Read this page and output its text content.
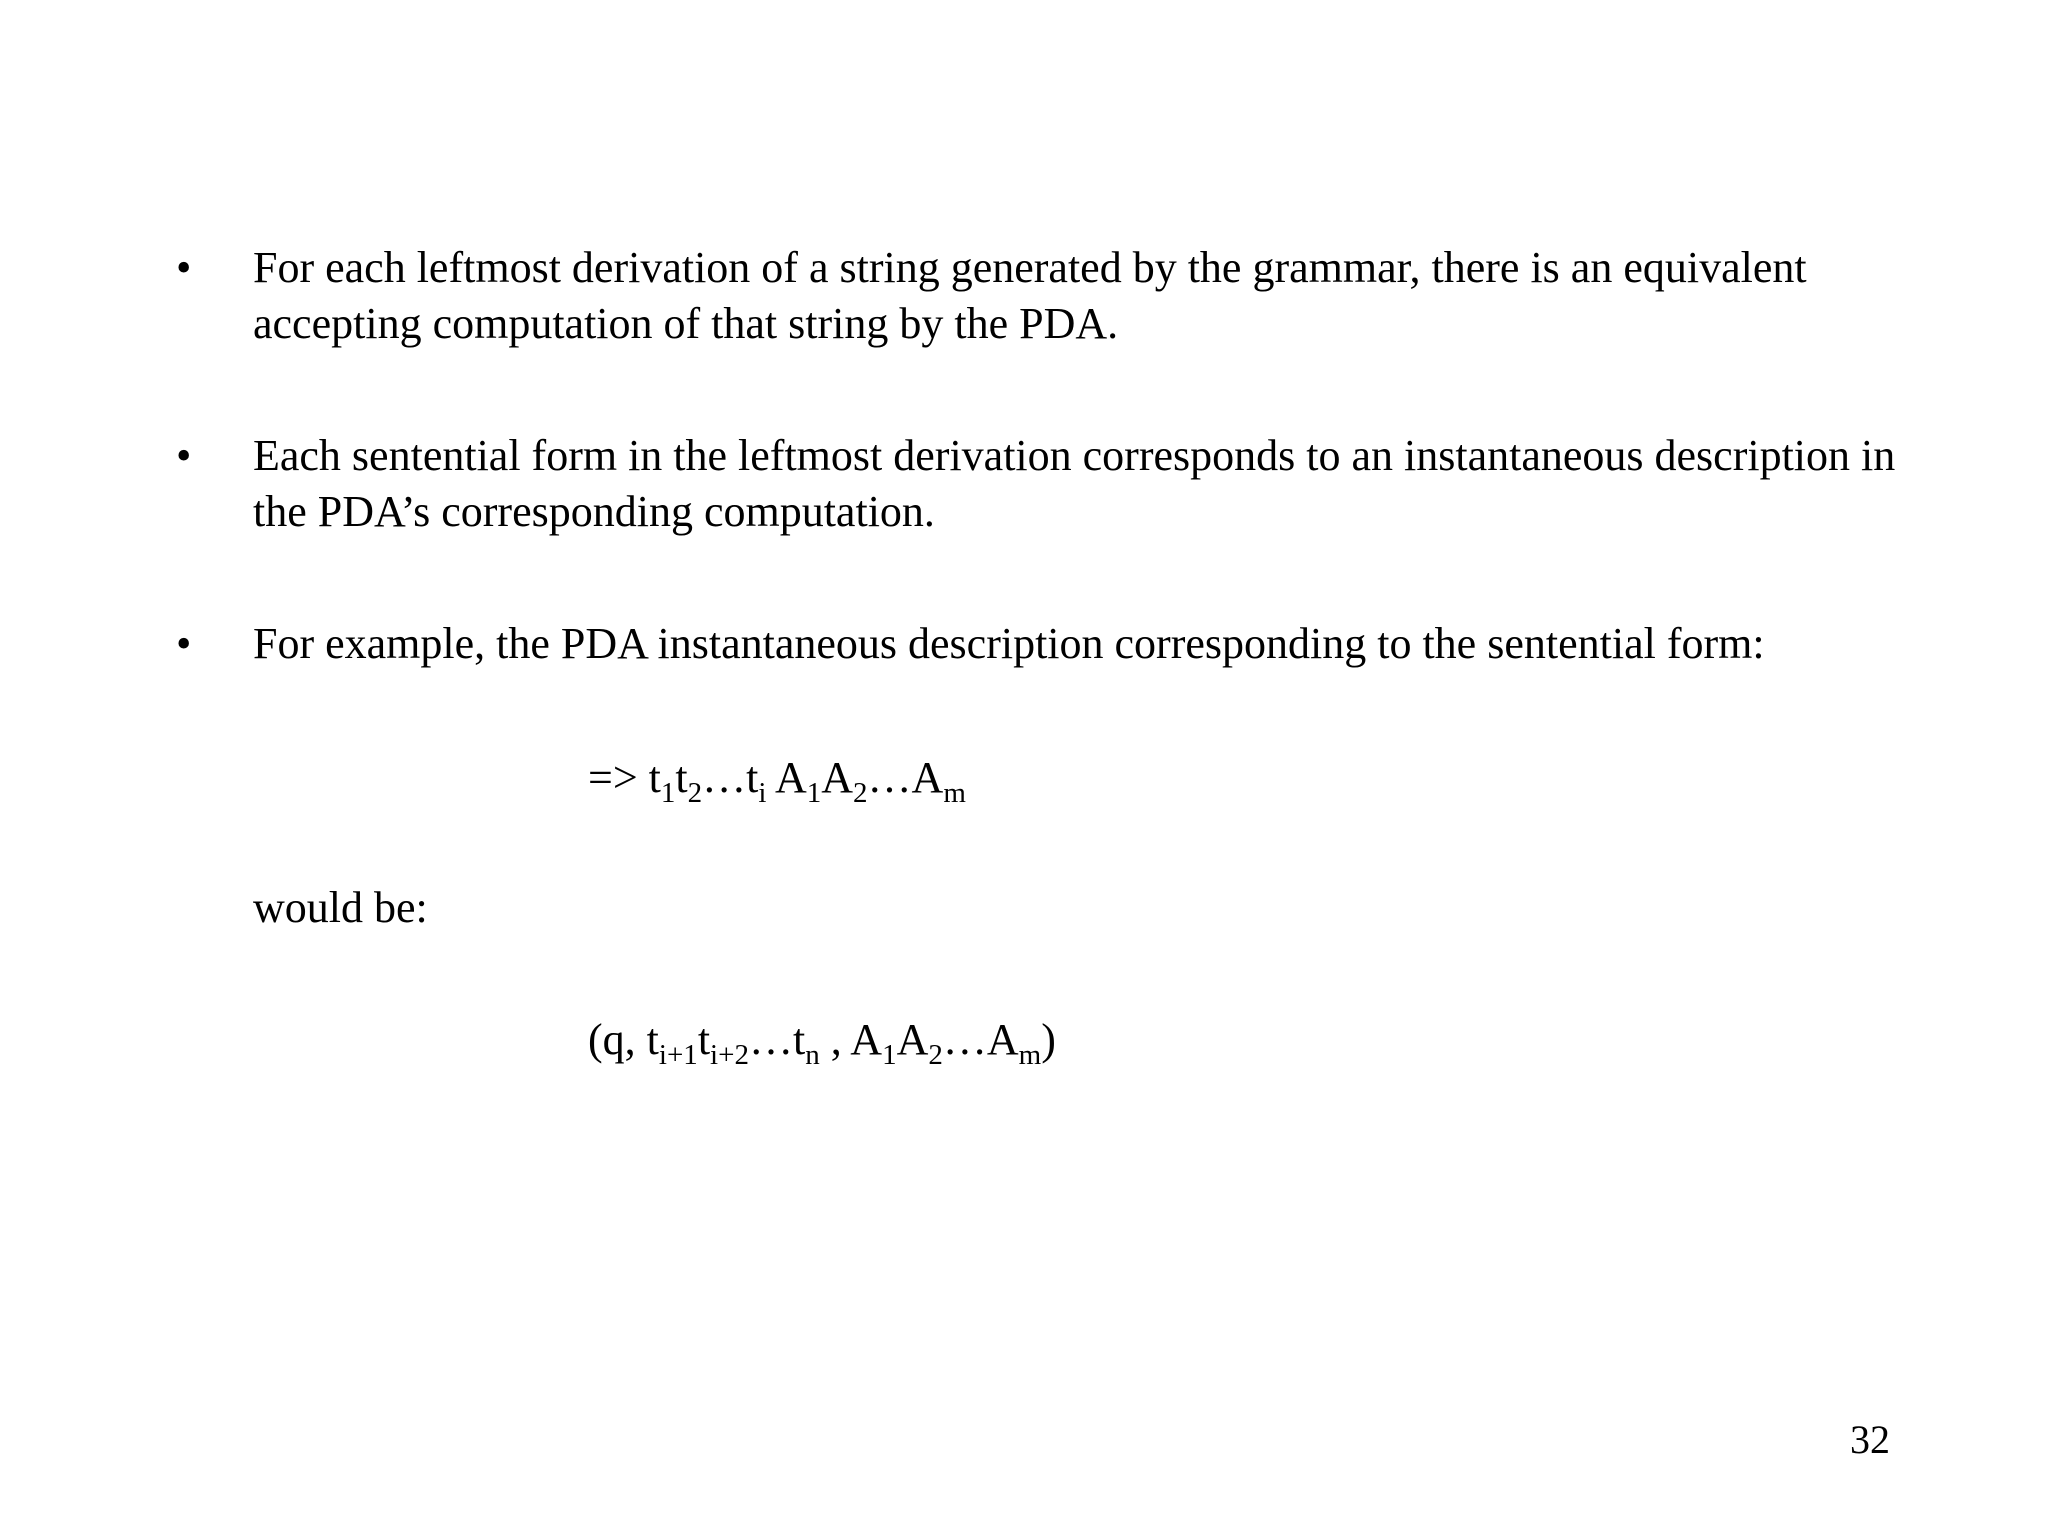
• For each leftmost derivation of a string generated by the grammar, there is an equivalent accepting computation of that string by the PDA.
• Each sentential form in the leftmost derivation corresponds to an instantaneous description in the PDA’s corresponding computation.
• For example, the PDA instantaneous description corresponding to the sentential form:
=> $t_1t_2\dots t_i$ $A_1A_2\dots A_m$
would be:
(q, $t_{i+1}t_{i+2}\dots t_n$ , $A_1A_2\dots A_m$)
32
